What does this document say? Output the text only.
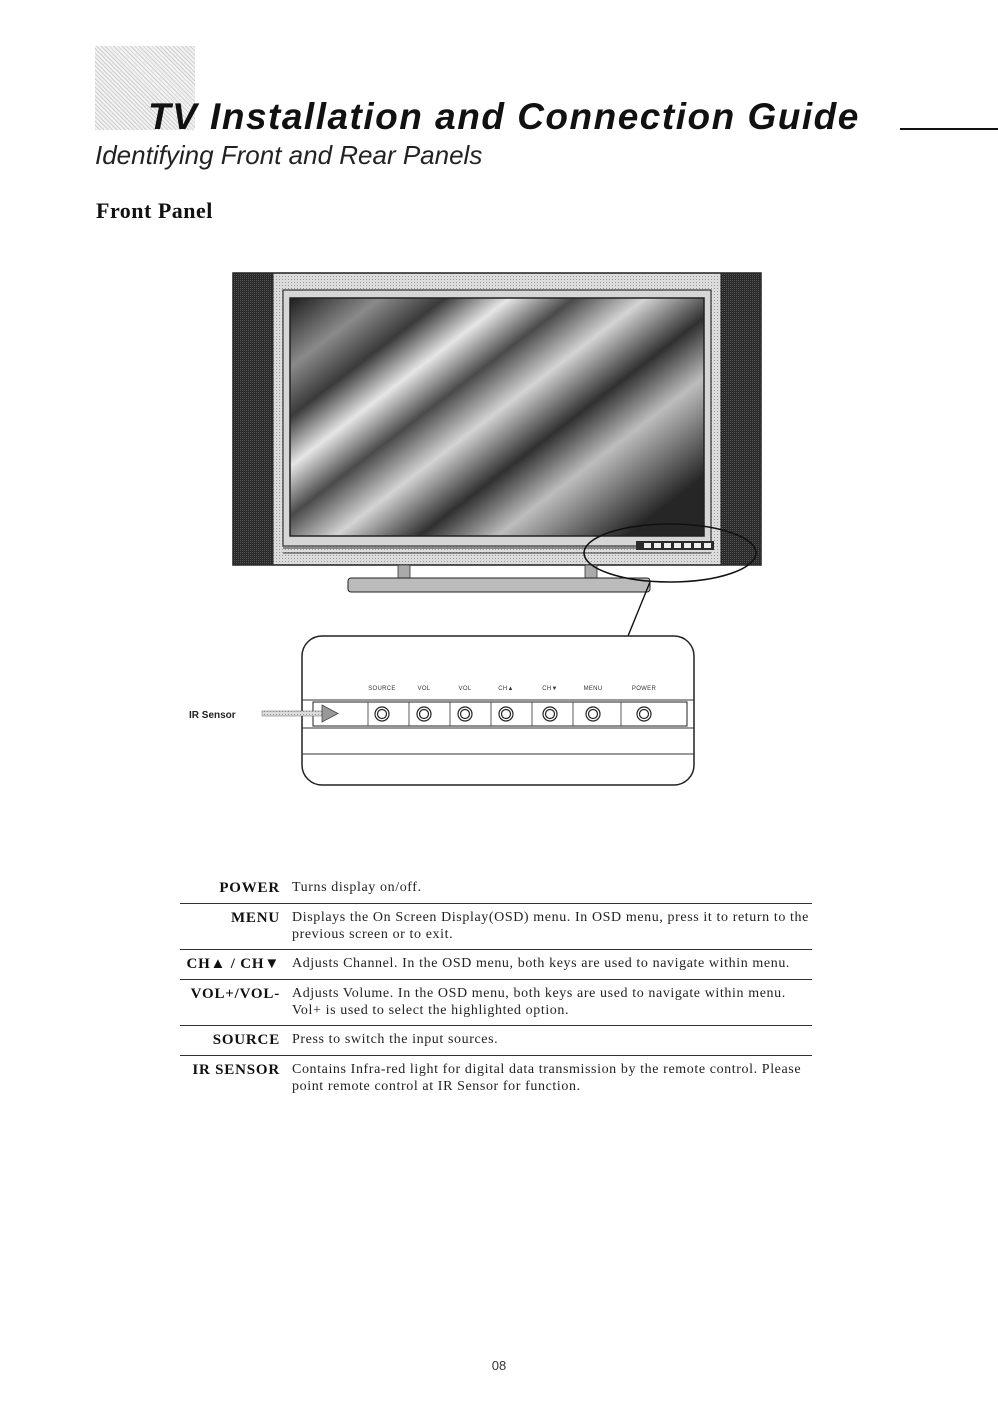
TV Installation and Connection Guide
Identifying Front and Rear Panels
Front Panel
IR Sensor
SOURCE	VOL	VOL	CH▲	CH▼	MENU	POWER
POWER Turns display on/off.
MENU Displays the On Screen Display(OSD) menu. In OSD menu, press it to return to the previous screen or to exit.
CH▲ / CH▼ Adjusts Channel. In the OSD menu, both keys are used to navigate within menu.
VOL+/VOL- Adjusts Volume. In the OSD menu, both keys are used to navigate within menu. Vol+ is used to select the highlighted option.
SOURCE Press to switch the input sources.
IR SENSOR Contains Infra-red light for digital data transmission by the remote control. Please point remote control at IR Sensor for function.
08
